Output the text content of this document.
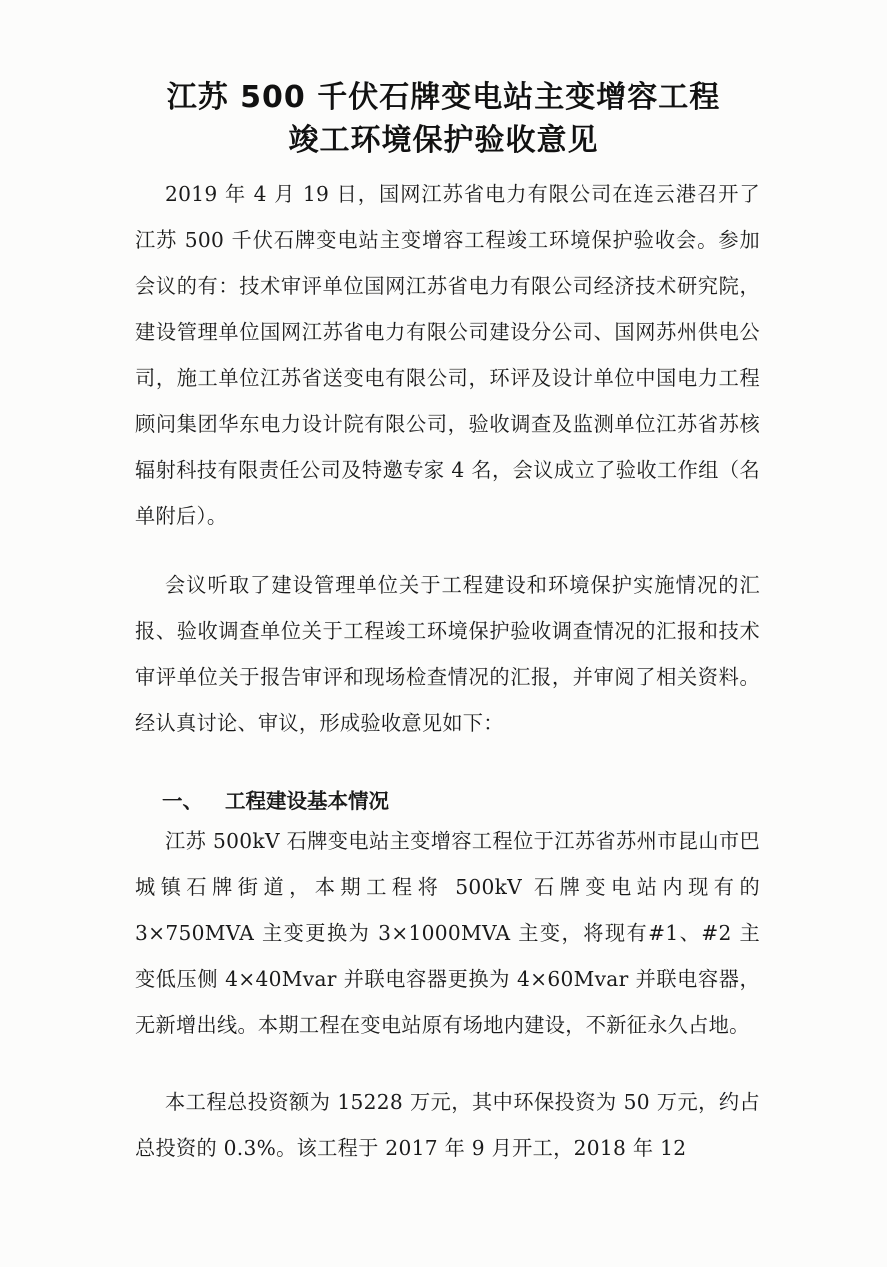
江苏 500 千伏石牌变电站主变增容工程
竣工环境保护验收意见

2019 年 4 月 19 日，国网江苏省电力有限公司在连云港召开了江苏 500 千伏石牌变电站主变增容工程竣工环境保护验收会。参加会议的有：技术审评单位国网江苏省电力有限公司经济技术研究院，建设管理单位国网江苏省电力有限公司建设分公司、国网苏州供电公司，施工单位江苏省送变电有限公司，环评及设计单位中国电力工程顾问集团华东电力设计院有限公司，验收调查及监测单位江苏省苏核辐射科技有限责任公司及特邀专家 4 名，会议成立了验收工作组（名单附后）。

会议听取了建设管理单位关于工程建设和环境保护实施情况的汇报、验收调查单位关于工程竣工环境保护验收调查情况的汇报和技术审评单位关于报告审评和现场检查情况的汇报，并审阅了相关资料。经认真讨论、审议，形成验收意见如下：

一、 工程建设基本情况

江苏 500kV 石牌变电站主变增容工程位于江苏省苏州市昆山市巴城镇石牌街道，本期工程将 500kV 石牌变电站内现有的 3×750MVA 主变更换为 3×1000MVA 主变，将现有#1、#2 主变低压侧 4×40Mvar 并联电容器更换为 4×60Mvar 并联电容器，无新增出线。本期工程在变电站原有场地内建设，不新征永久占地。

本工程总投资额为 15228 万元，其中环保投资为 50 万元，约占总投资的 0.3%。该工程于 2017 年 9 月开工，2018 年 12
